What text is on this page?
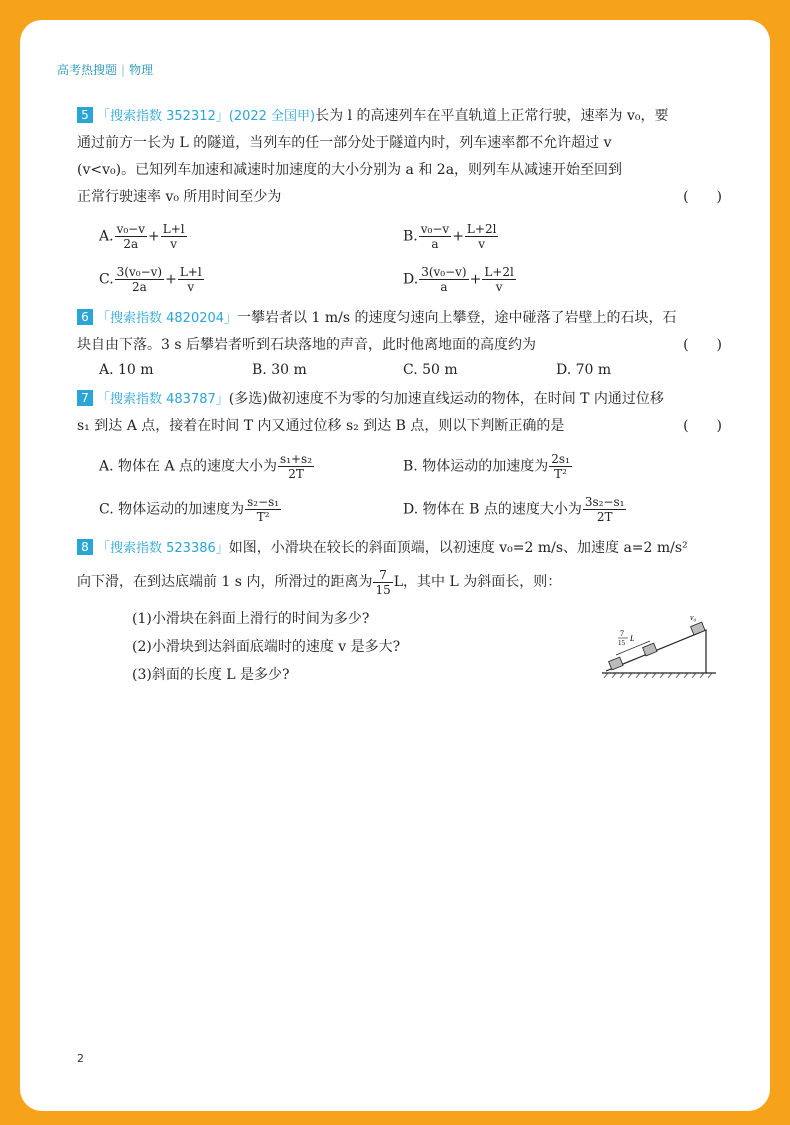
高考热搜题 | 物理
5 「搜索指数 352312」(2022 全国甲)长为 l 的高速列车在平直轨道上正常行驶，速率为 v₀，要
通过前方一长为 L 的隧道，当列车的任一部分处于隧道内时，列车速率都不允许超过 v
(v<v₀)。已知列车加速和减速时加速度的大小分别为 a 和 2a，则列车从减速开始至回到
正常行驶速率 v₀ 所用时间至少为	(　　)
A. $\frac{\text{v₀−v}}{2a} + \frac{L+l}{v}$	B. $\frac{\text{v₀−v}}{a} + \frac{L+2l}{v}$
C. $\frac{\text{3(v₀−v)}}{2a} + \frac{L+l}{v}$	D. $\frac{\text{3(v₀−v)}}{a} + \frac{L+2l}{v}$
6 「搜索指数 4820204」一攀岩者以 1 m/s 的速度匀速向上攀登，途中碰落了岩壁上的石块，石
块自由下落。3 s 后攀岩者听到石块落地的声音，此时他离地面的高度约为	(　　)
A. 10 m	B. 30 m	C. 50 m	D. 70 m
7 「搜索指数 483787」(多选)做初速度不为零的匀加速直线运动的物体，在时间 T 内通过位移
s₁ 到达 A 点，接着在时间 T 内又通过位移 s₂ 到达 B 点，则以下判断正确的是	(　　)
A. 物体在 A 点的速度大小为 $\frac{\text{s₁+s₂}}{2T}$	B. 物体运动的加速度为 $\frac{\text{2s₁}}{\text{T²}}$
C. 物体运动的加速度为 $\frac{\text{s₂−s₁}}{\text{T²}}$	D. 物体在 B 点的速度大小为 $\frac{\text{3s₂−s₁}}{2T}$
8 「搜索指数 523386」如图，小滑块在较长的斜面顶端，以初速度 v₀=2 m/s、加速度 a=2 m/s²
向下滑，在到达底端前 1 s 内，所滑过的距离为 $\frac{7}{15}$ L，其中 L 为斜面长，则：
(1)小滑块在斜面上滑行的时间为多少?
(2)小滑块到达斜面底端时的速度 v 是多大?
(3)斜面的长度 L 是多少?
v₀
7
15 L
2
